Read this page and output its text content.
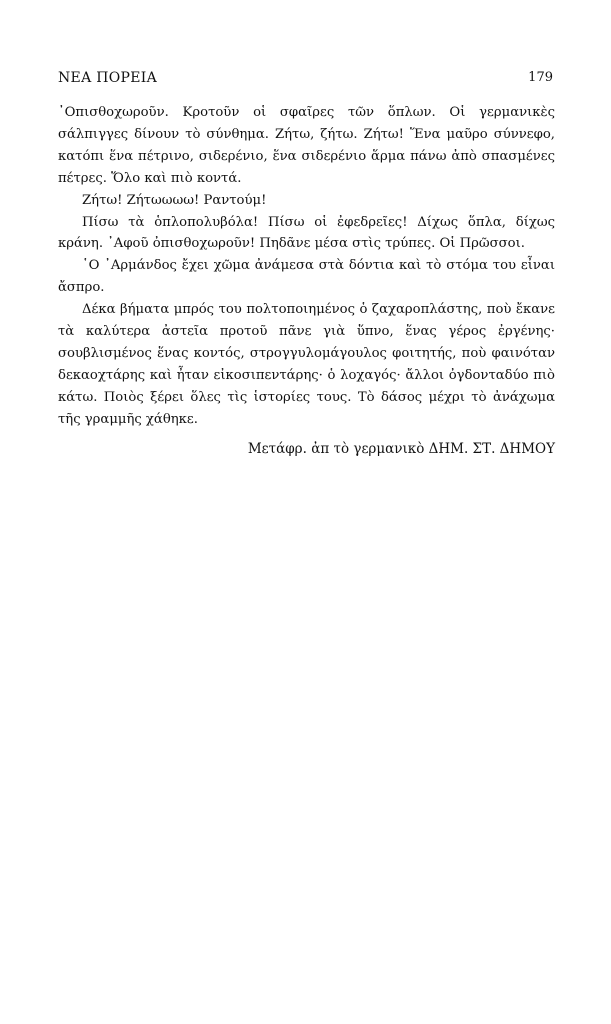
ΝΕΑ ΠΟΡΕΙΑ	179

᾿Οπισθοχωροῦν. Κροτοῦν οἱ σφαῖρες τῶν ὅπλων. Οἱ γερμανικὲς σάλπιγγες δίνουν τὸ σύνθημα. Ζήτω, ζήτω. Ζήτω! Ἕνα μαῦρο σύννεφο, κατόπι ἕνα πέτρινο, σιδερένιο, ἕνα σιδερένιο ἅρμα πάνω ἀπὸ σπασμένες πέτρες. Ὅλο καὶ πιὸ κοντά.

Ζήτω! Ζήτωωωω! Ραντούμ!

Πίσω τὰ ὁπλοπολυβόλα! Πίσω οἱ ἐφεδρεῖες! Δίχως ὅπλα, δίχως κράνη. ᾿Αφοῦ ὀπισθοχωροῦν! Πηδᾶνε μέσα στὶς τρύπες. Οἱ Πρῶσσοι.

῾Ο ᾿Αρμάνδος ἔχει χῶμα ἀνάμεσα στὰ δόντια καὶ τὸ στόμα του εἶναι ἄσπρο.

Δέκα βήματα μπρός του πολτοποιημένος ὁ ζαχαροπλάστης, ποὺ ἔκανε τὰ καλύτερα ἀστεῖα προτοῦ πᾶνε γιὰ ὕπνο, ἕνας γέρος ἐργένης· σουβλισμένος ἕνας κοντός, στρογγυλομάγουλος φοιτητής, ποὺ φαινόταν δεκαοχτάρης καὶ ἦταν εἰκοσιπεντάρης· ὁ λοχαγός· ἄλλοι ὀγδονταδύο πιὸ κάτω. Ποιὸς ξέρει ὅλες τὶς ἱστορίες τους. Τὸ δάσος μέχρι τὸ ἀνάχωμα τῆς γραμμῆς χάθηκε.

Μετάφρ. ἀπ τὸ γερμανικὸ ΔΗΜ. ΣΤ. ΔΗΜΟΥ
